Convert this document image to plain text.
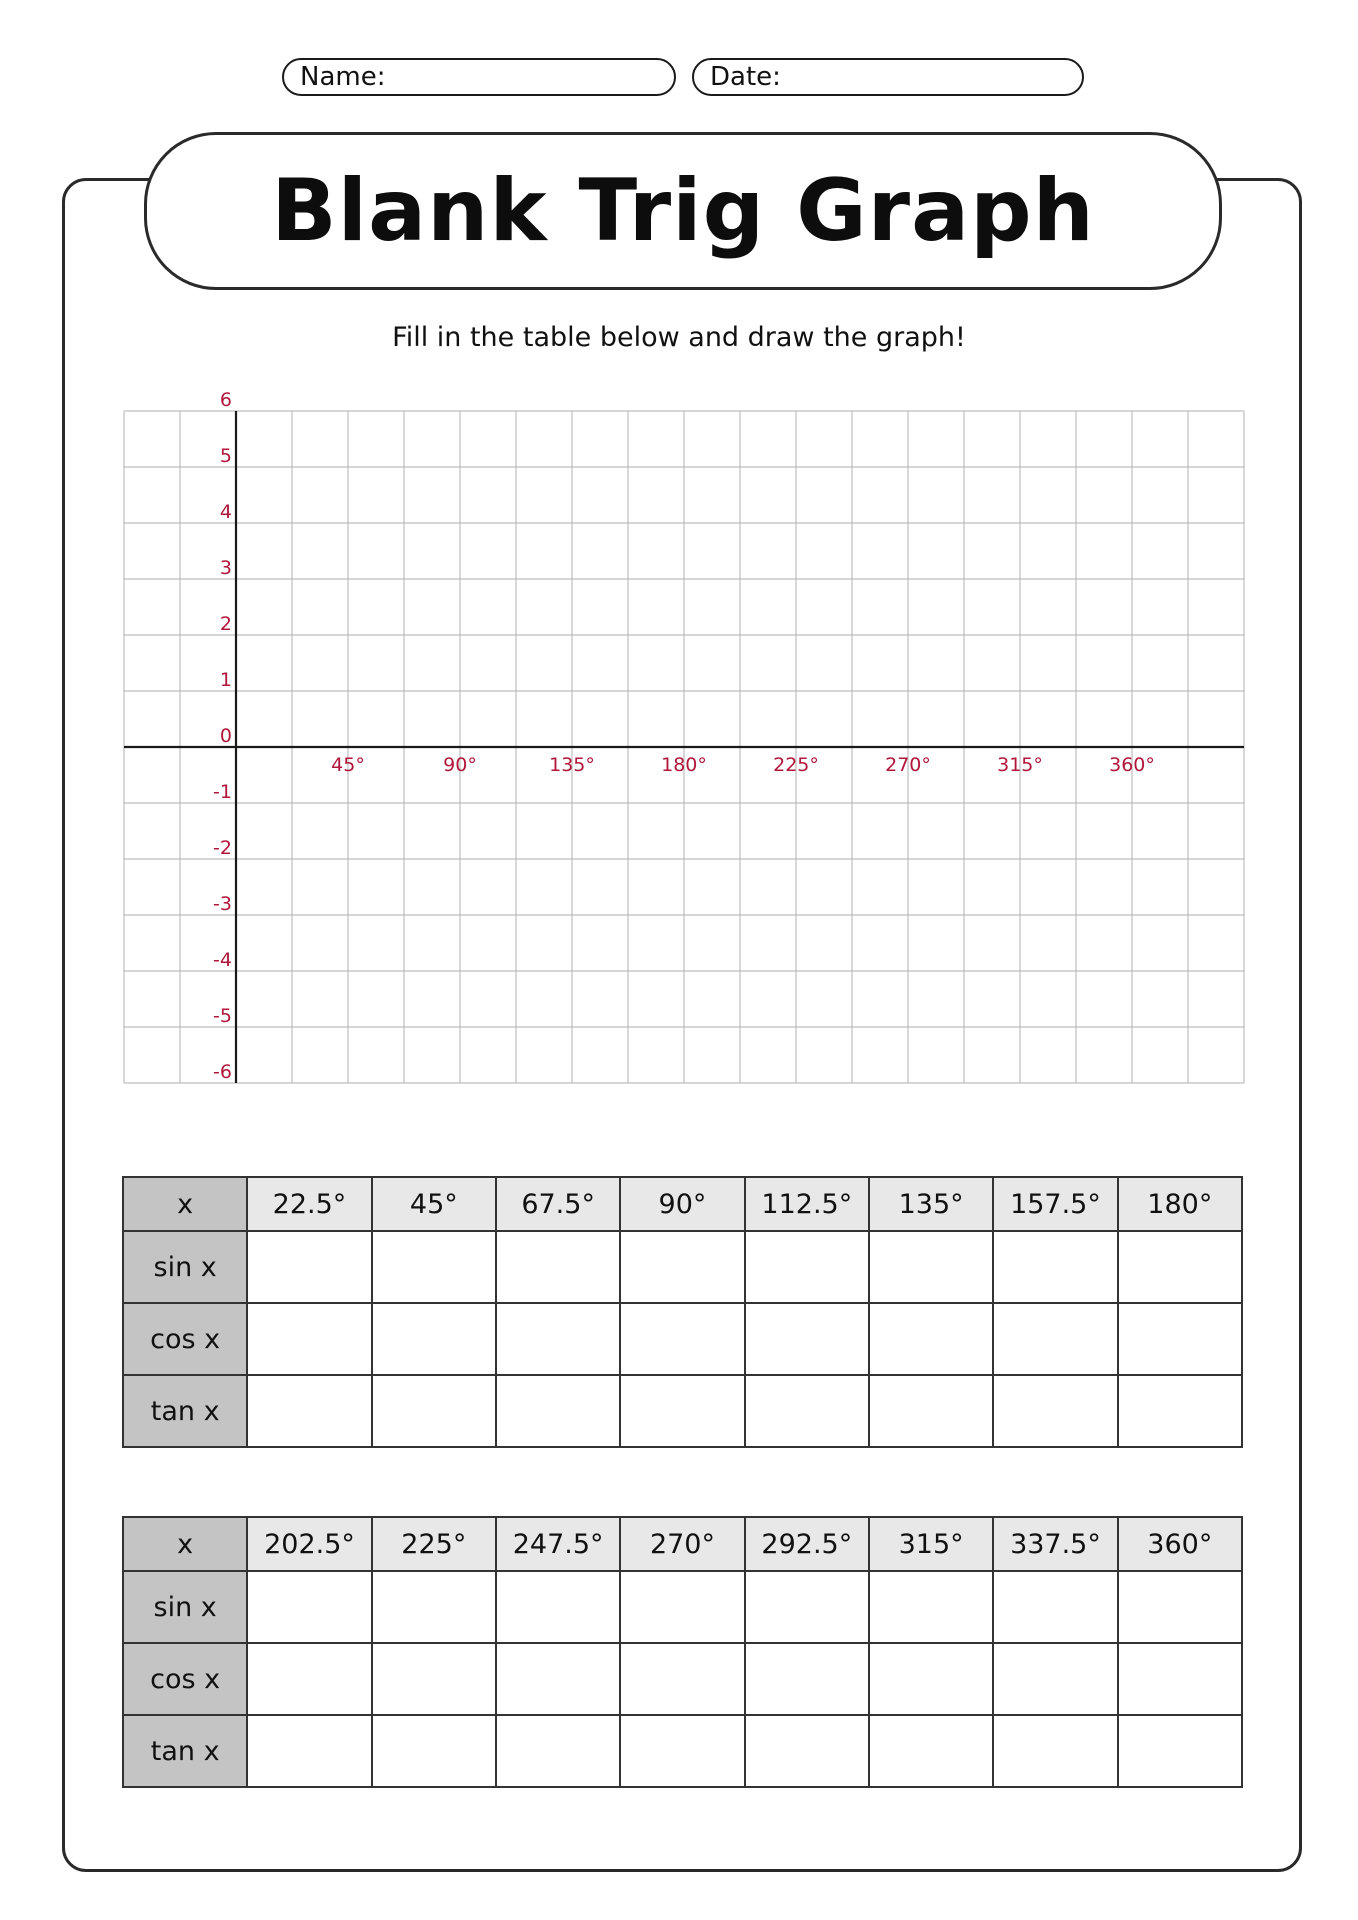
Name:	Date:
Blank Trig Graph
Fill in the table below and draw the graph!
6
5
4
3
2
1
0
-1
-2
-3
-4
-5
-6
45°	90°	135°	180°	225°	270°	315°	360°
x	22.5°	45°	67.5°	90°	112.5°	135°	157.5°	180°
sin x								
cos x								
tan x								
x	202.5°	225°	247.5°	270°	292.5°	315°	337.5°	360°
sin x								
cos x								
tan x								
